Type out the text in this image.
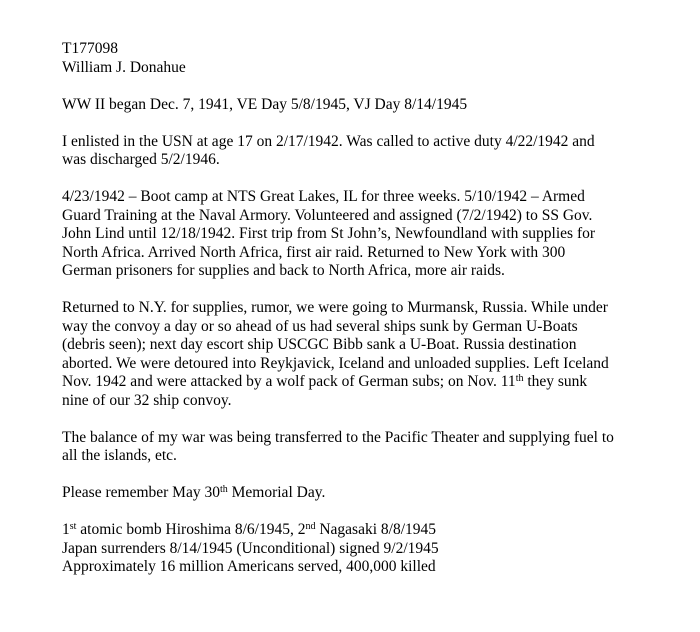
T177098
William J. Donahue
WW II began Dec. 7, 1941, VE Day 5/8/1945, VJ Day 8/14/1945
I enlisted in the USN at age 17 on 2/17/1942. Was called to active duty 4/22/1942 and
was discharged 5/2/1946.
4/23/1942 – Boot camp at NTS Great Lakes, IL for three weeks. 5/10/1942 – Armed
Guard Training at the Naval Armory. Volunteered and assigned (7/2/1942) to SS Gov.
John Lind until 12/18/1942. First trip from St John’s, Newfoundland with supplies for
North Africa. Arrived North Africa, first air raid. Returned to New York with 300
German prisoners for supplies and back to North Africa, more air raids.
Returned to N.Y. for supplies, rumor, we were going to Murmansk, Russia. While under
way the convoy a day or so ahead of us had several ships sunk by German U-Boats
(debris seen); next day escort ship USCGC Bibb sank a U-Boat. Russia destination
aborted. We were detoured into Reykjavick, Iceland and unloaded supplies. Left Iceland
Nov. 1942 and were attacked by a wolf pack of German subs; on Nov. 11th they sunk
nine of our 32 ship convoy.
The balance of my war was being transferred to the Pacific Theater and supplying fuel to
all the islands, etc.
Please remember May 30th Memorial Day.
1st atomic bomb Hiroshima 8/6/1945, 2nd Nagasaki 8/8/1945
Japan surrenders 8/14/1945 (Unconditional) signed 9/2/1945
Approximately 16 million Americans served, 400,000 killed
